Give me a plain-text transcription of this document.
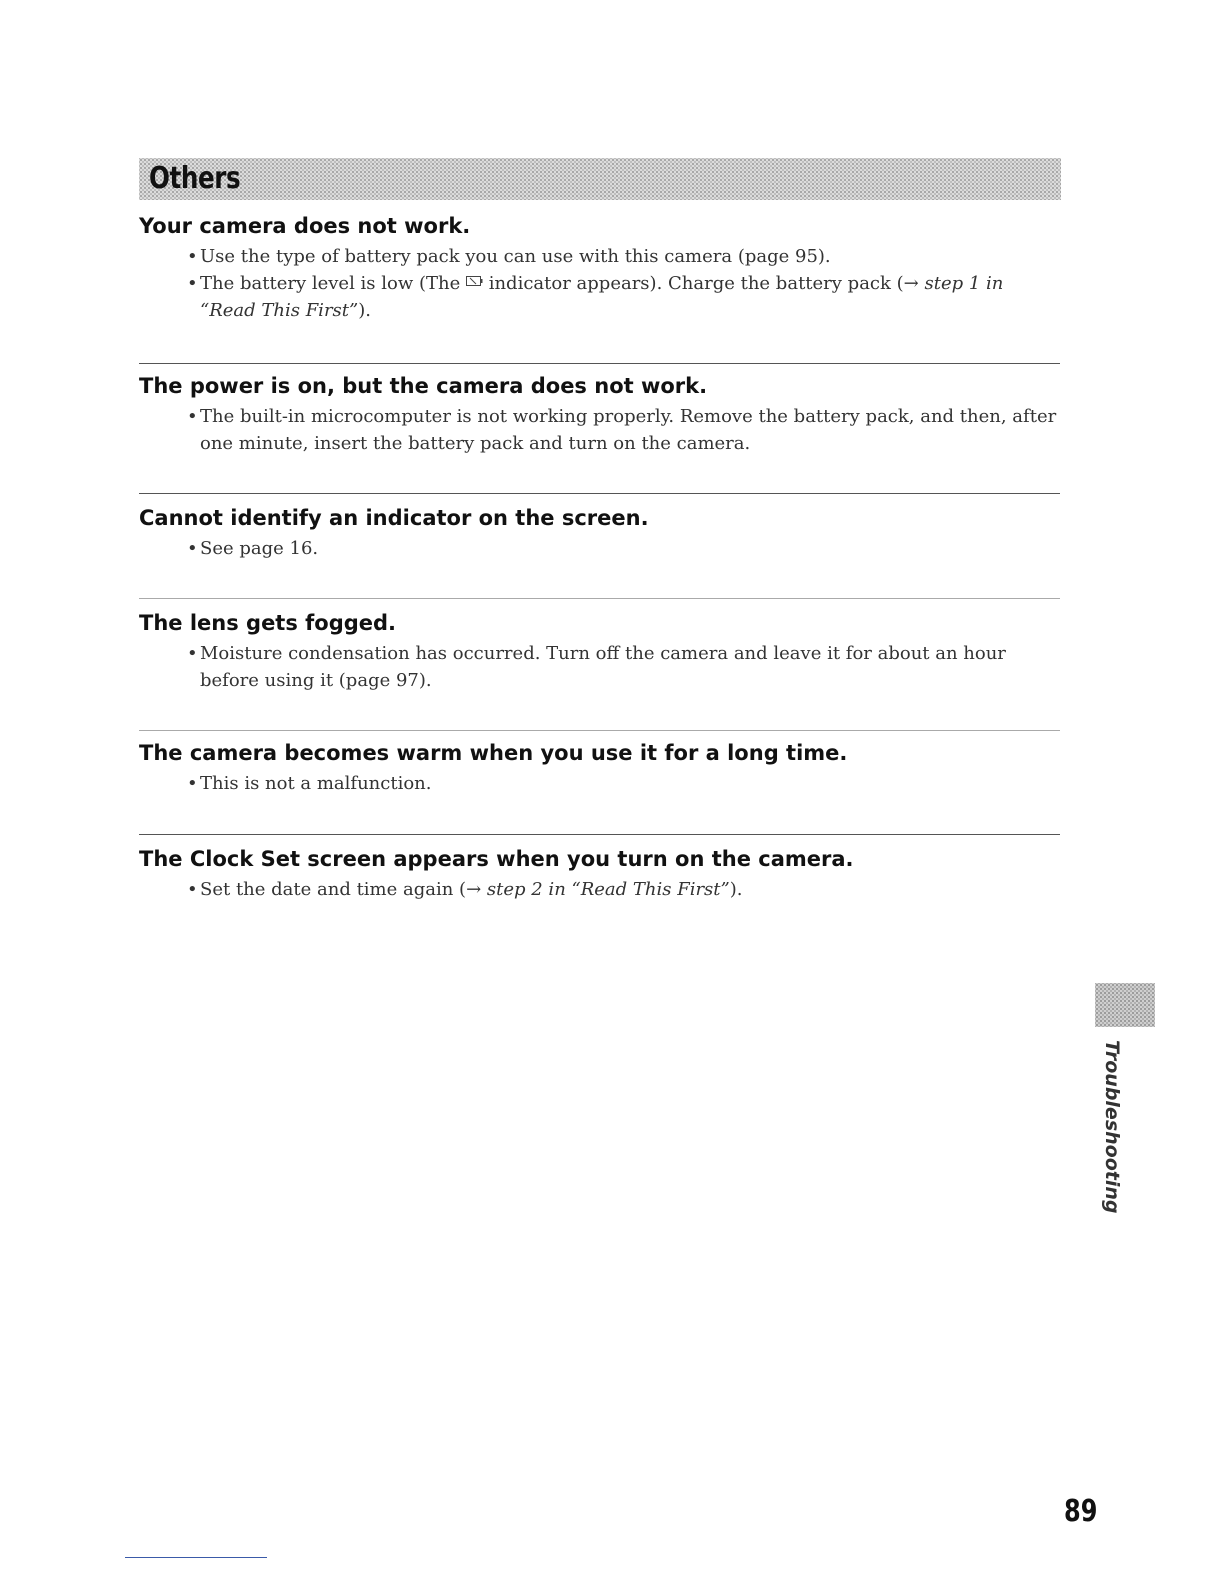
Others
Your camera does not work.
• Use the type of battery pack you can use with this camera (page 95).
• The battery level is low (The  indicator appears). Charge the battery pack (→ step 1 in “Read This First”).
The power is on, but the camera does not work.
• The built-in microcomputer is not working properly. Remove the battery pack, and then, after one minute, insert the battery pack and turn on the camera.
Cannot identify an indicator on the screen.
• See page 16.
The lens gets fogged.
• Moisture condensation has occurred. Turn off the camera and leave it for about an hour before using it (page 97).
The camera becomes warm when you use it for a long time.
• This is not a malfunction.
The Clock Set screen appears when you turn on the camera.
• Set the date and time again (→ step 2 in “Read This First”).
Troubleshooting
89
